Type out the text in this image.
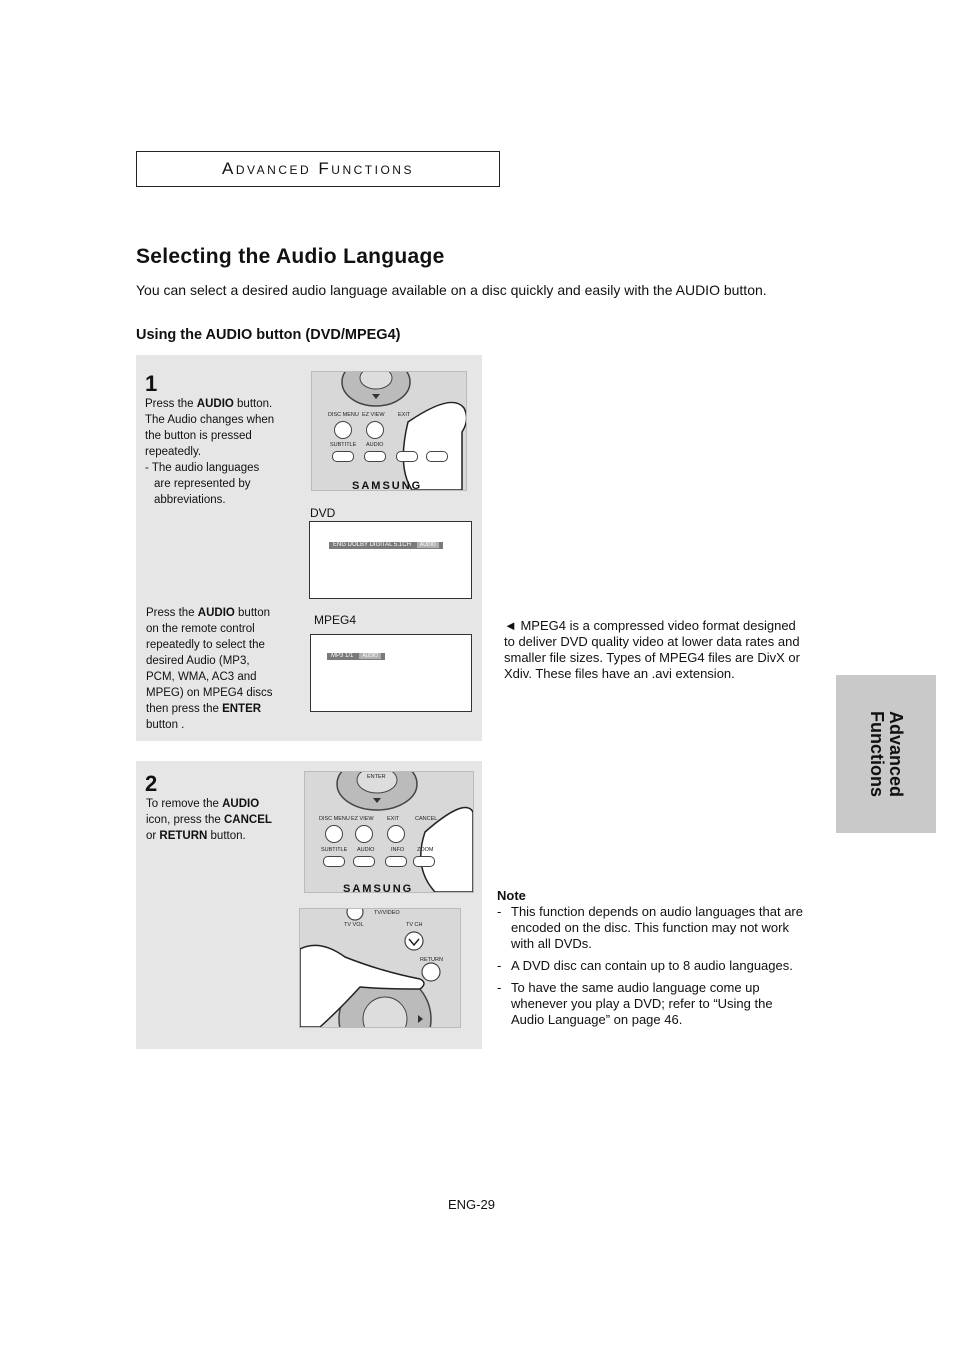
Advanced Functions
Selecting the Audio Language
You can select a desired audio language available on a disc quickly and easily with the AUDIO button.
Using the AUDIO button (DVD/MPEG4)
1
Press the AUDIO button. The Audio changes when the button is pressed repeatedly.
- The audio languages are represented by abbreviations.
DISC MENU EZ VIEW EXIT
SUBTITLE AUDIO
SAMSUNG
DVD
ENG DOLBY DIGITAL 5.1CH AUDIO
Press the AUDIO button on the remote control repeatedly to select the desired Audio (MP3, PCM, WMA, AC3 and MPEG) on MPEG4 discs then press the ENTER button .
MPEG4
MP3 1/1 AUDIO
2
To remove the AUDIO icon, press the CANCEL or RETURN button.
ENTER
DISC MENU EZ VIEW EXIT	CANCEL
SUBTITLE AUDIO	INFO ZOOM
SAMSUNG
TV/VIDEO
TV VOL	TV CH
RETURN
◄ MPEG4 is a compressed video format designed to deliver DVD quality video at lower data rates and smaller file sizes. Types of MPEG4 files are DivX or Xdiv. These files have an .avi extension.
Advanced
Functions
Note
- This function depends on audio languages that are encoded on the disc. This function may not work with all DVDs.
- A DVD disc can contain up to 8 audio languages.
- To have the same audio language come up whenever you play a DVD; refer to “Using the Audio Language” on page 46.
ENG-29
